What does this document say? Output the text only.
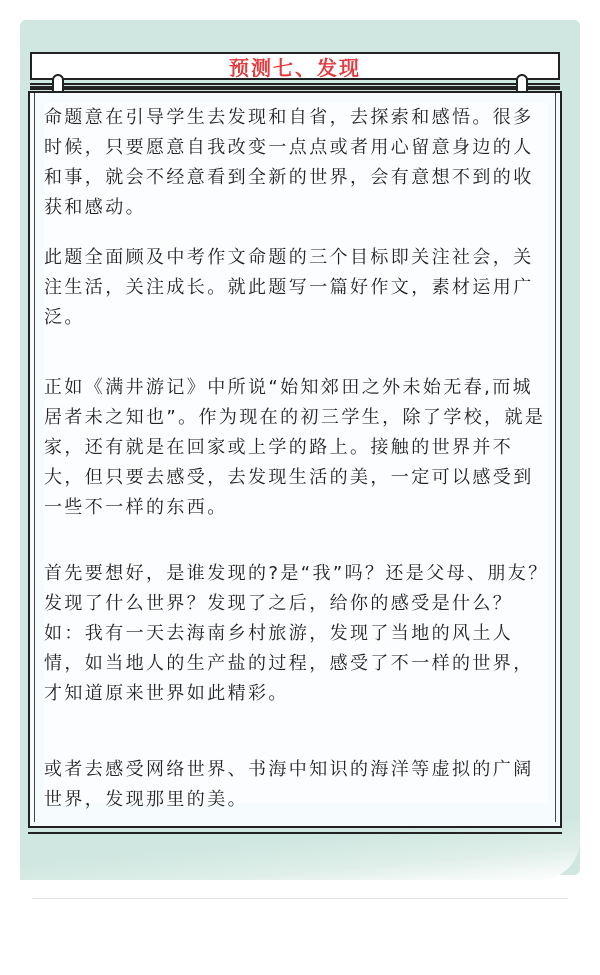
预测七、发现

命题意在引导学生去发现和自省，去探索和感悟。很多时候，只要愿意自我改变一点点或者用心留意身边的人和事，就会不经意看到全新的世界，会有意想不到的收获和感动。

此题全面顾及中考作文命题的三个目标即关注社会，关注生活，关注成长。就此题写一篇好作文，素材运用广泛。

正如《满井游记》中所说“始知郊田之外未始无春,而城居者未之知也”。作为现在的初三学生，除了学校，就是家，还有就是在回家或上学的路上。接触的世界并不大，但只要去感受，去发现生活的美，一定可以感受到一些不一样的东西。

首先要想好，是谁发现的?是“我”吗？还是父母、朋友？发现了什么世界？发现了之后，给你的感受是什么？如：我有一天去海南乡村旅游，发现了当地的风土人情，如当地人的生产盐的过程，感受了不一样的世界，才知道原来世界如此精彩。

或者去感受网络世界、书海中知识的海洋等虚拟的广阔世界，发现那里的美。
